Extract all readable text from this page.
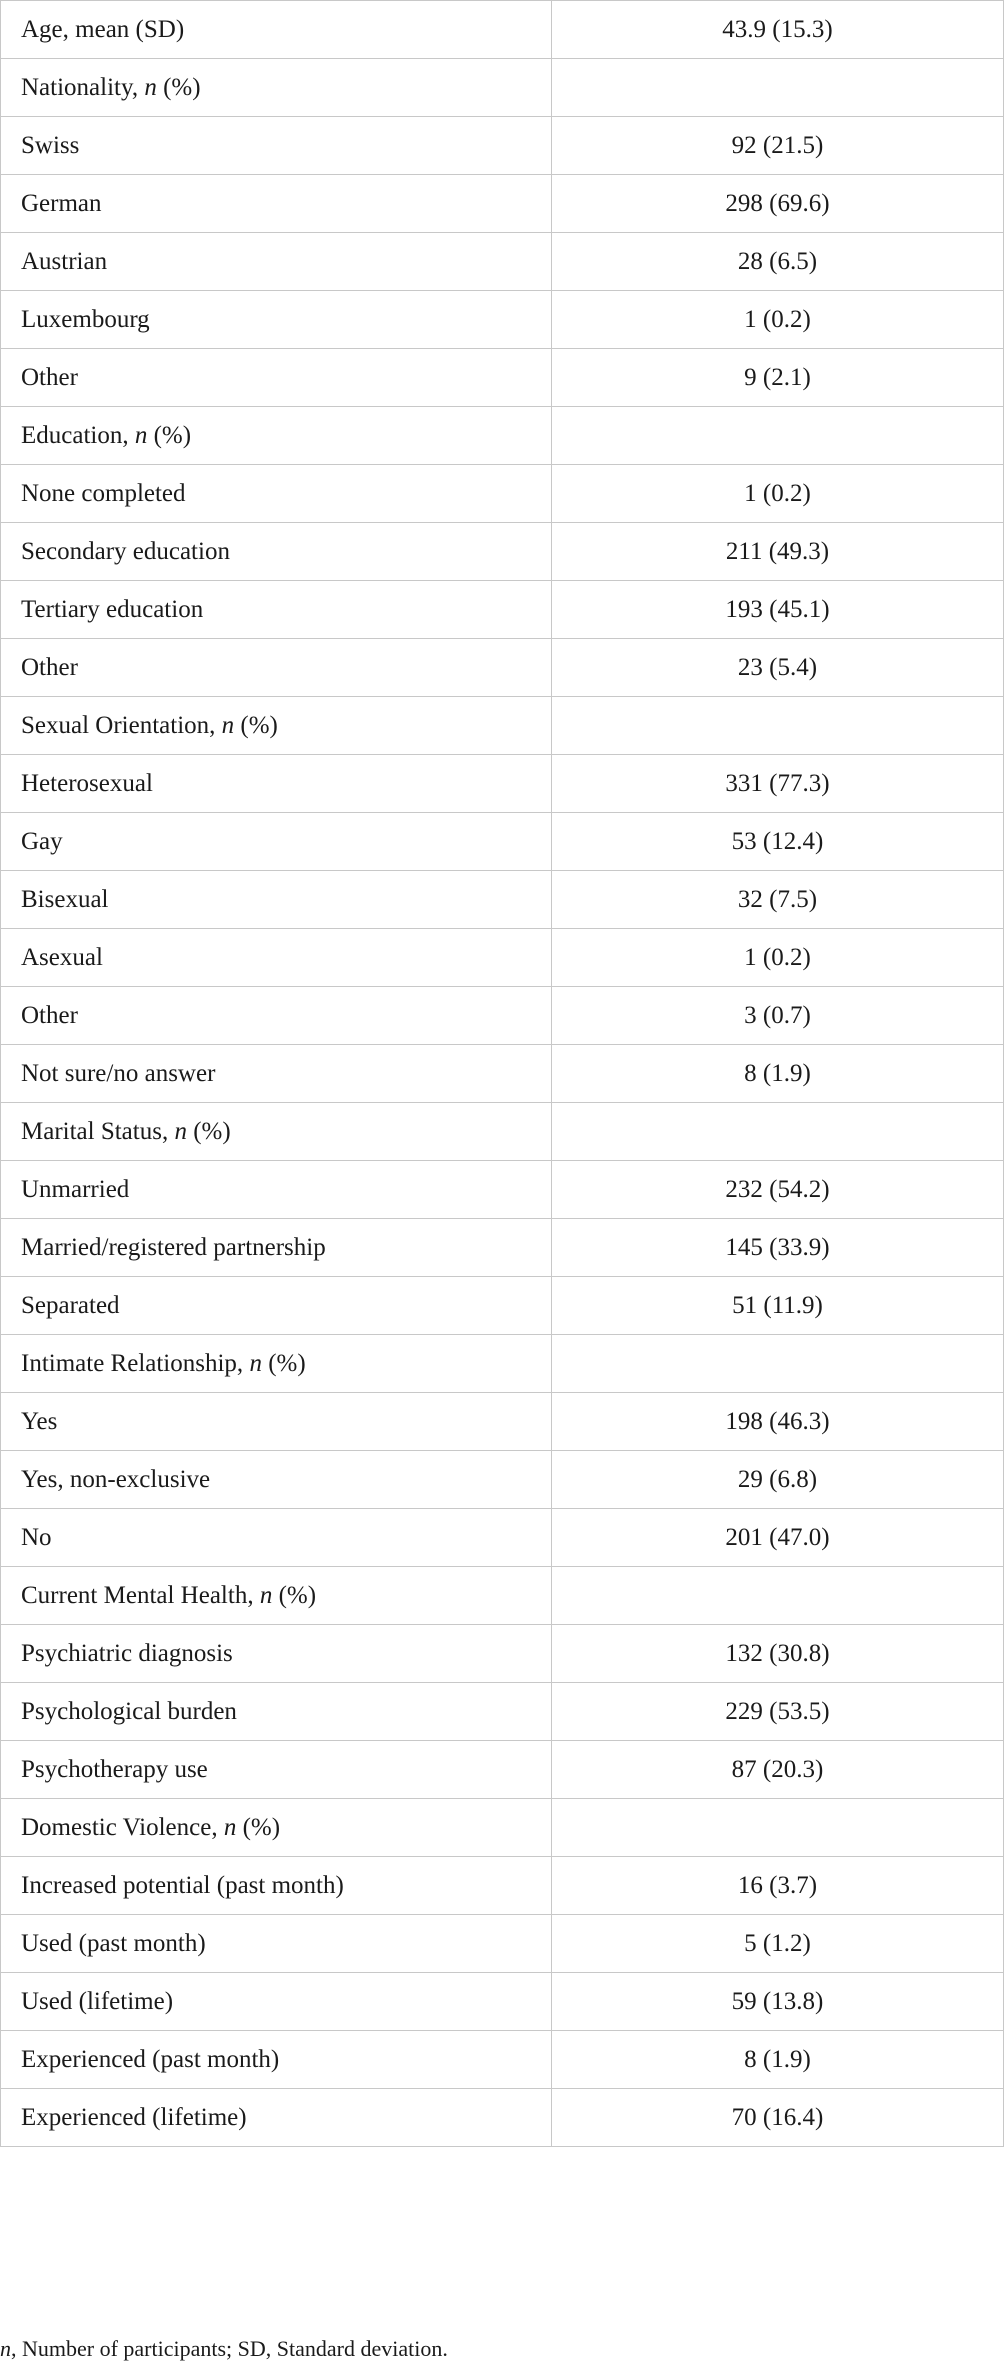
Age, mean (SD)	43.9 (15.3)
Nationality, n (%)	
Swiss	92 (21.5)
German	298 (69.6)
Austrian	28 (6.5)
Luxembourg	1 (0.2)
Other	9 (2.1)
Education, n (%)	
None completed	1 (0.2)
Secondary education	211 (49.3)
Tertiary education	193 (45.1)
Other	23 (5.4)
Sexual Orientation, n (%)	
Heterosexual	331 (77.3)
Gay	53 (12.4)
Bisexual	32 (7.5)
Asexual	1 (0.2)
Other	3 (0.7)
Not sure/no answer	8 (1.9)
Marital Status, n (%)	
Unmarried	232 (54.2)
Married/registered partnership	145 (33.9)
Separated	51 (11.9)
Intimate Relationship, n (%)	
Yes	198 (46.3)
Yes, non-exclusive	29 (6.8)
No	201 (47.0)
Current Mental Health, n (%)	
Psychiatric diagnosis	132 (30.8)
Psychological burden	229 (53.5)
Psychotherapy use	87 (20.3)
Domestic Violence, n (%)	
Increased potential (past month)	16 (3.7)
Used (past month)	5 (1.2)
Used (lifetime)	59 (13.8)
Experienced (past month)	8 (1.9)
Experienced (lifetime)	70 (16.4)
n, Number of participants; SD, Standard deviation.
